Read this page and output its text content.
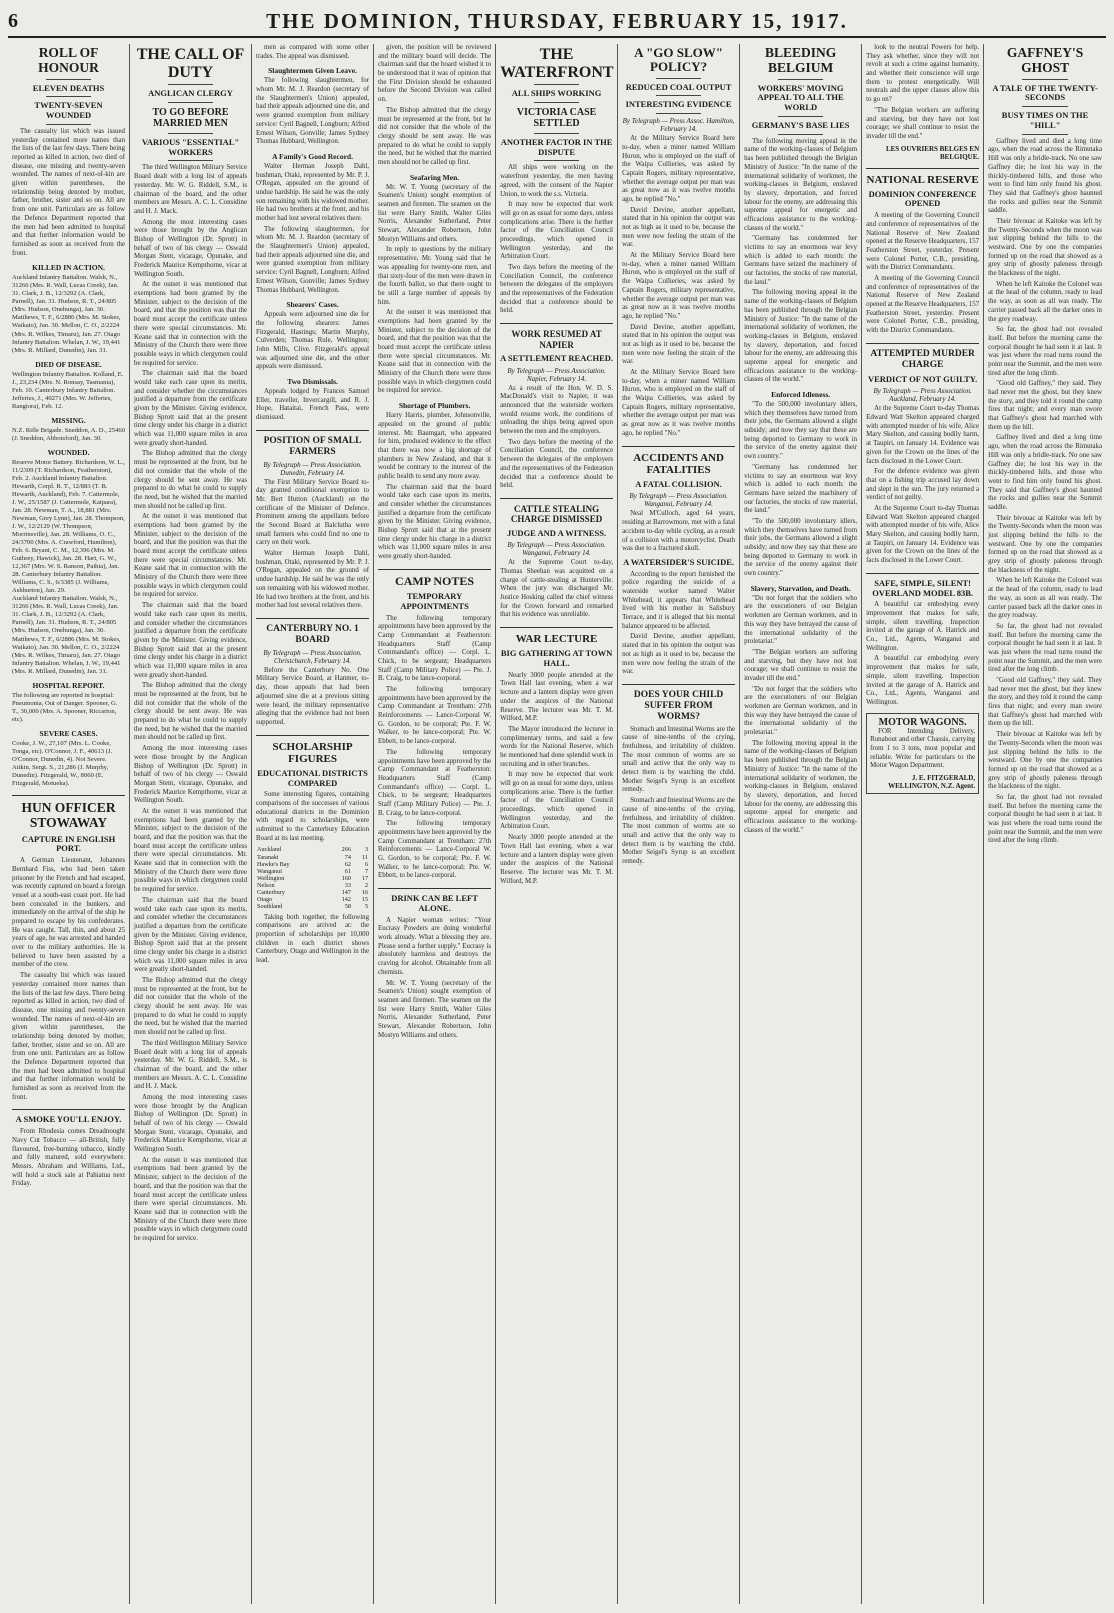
6	THE DOMINION, THURSDAY, FEBRUARY 15, 1917.
ROLL OF HONOUR
ELEVEN DEATHS
TWENTY-SEVEN WOUNDED

The casualty list which was issued yesterday contained more names than the lists of the last few days. There being reported as killed in action, two died of disease, one missing and twenty-seven wounded. The names of next-of-kin are given within parentheses, the relationship being denoted by mother, father, brother, sister and so on. All are from one unit. Particulars are as follow the Defence Department reported that the men had been admitted to hospital and that further information would be furnished as soon as received from the front.

KILLED IN ACTION.

Auckland Infantry Battalion. Walsh, N., 31266 (Mrs. R. Wall, Lucas Creek), Jan. 31. Clark, J. B., 12/3292 (A. Clark, Parnell), Jan. 31. Hudson, R. T., 24/805 (Mrs. Hudson, Onehunga), Jan. 30. Matthews, T. F., 6/2886 (Mrs. M. Stokes, Waikato), Jan. 30. Mellon, C. O., 2/2224 (Mrs. R. Wilkes, Timaru), Jan. 27. Otago Infantry Battalion. Whelan, J. W., 19,441 (Mrs. R. Millard, Dunedin), Jan. 31.

DIED OF DISEASE.

Wellington Infantry Battalion. Kolland, E. J., 23,234 (Mrs. N. Ronsay, Tasmania), Feb. 10. Canterbury Infantry Battalion. Jefferies, J., 40271 (Mrs. W. Jefferies, Rangiora), Feb. 12.

MISSING.

N.Z. Rifle Brigade. Sneddon, A. D., 25460 (J. Sneddon, Abbotsford), Jan. 30.

WOUNDED.

Reserve Motor Battery. Richardson, W. L., 11/2309 (T. Richardson, Featherston), Feb. 2. Auckland Infantry Battalion. Hewarth, Corpl. R. T., 12/883 (T. B. Hewarth, Auckland), Feb. 7. Cattermole, J. W., 25/1587 (J. Cattermole, Kaipara), Jan. 28. Newman, T. A., 18,881 (Mrs. Newman, Grey Lynn), Jan. 28. Thompson, J. W., 12/2129 (W. Thompson, Morrinsville), Jan. 28. Williams, O. C., 24/3700 (Mrs. A. Crawford, Hamilton), Feb. 6. Bryant, C. M., 12,396 (Mrs. M. Guthrey, Hawick), Jan. 28. Hart, G. W., 12,367 (Mrs. W. S. Ranson, Paihia), Jan. 28. Canterbury Infantry Battalion. Williams, C. S., 6/3385 (J. Williams, Ashburton), Jan. 29.

Auckland Infantry Battalion. Walsh, N., 31266 (Mrs. R. Wall, Lucas Creek), Jan. 31. Clark, J. B., 12/3292 (A. Clark, Parnell), Jan. 31. Hudson, R. T., 24/805 (Mrs. Hudson, Onehunga), Jan. 30. Matthews, T. F., 6/2886 (Mrs. M. Stokes, Waikato), Jan. 30. Mellon, C. O., 2/2224 (Mrs. R. Wilkes, Timaru), Jan. 27. Otago Infantry Battalion. Whelan, J. W., 19,441 (Mrs. R. Millard, Dunedin), Jan. 31.

HOSPITAL REPORT.

The following are reported in hospital: Pneumonia, Out of Danger. Spooner, G. T., 30,000 (Mrs. A. Spooner, Riccarton, etc).

SEVERE CASES.

Cooke, J. W., 27,107 (Mrs. L. Cooke, Tonga, etc). O'Connor, J. F., 40613 (J. O'Connor, Dunedin, 4). Not Severe. Aitkin, Sergt. S., 21,286 (J. Murphy, Dunedin). Fitzgerald, W., 8060 (E. Fitzgerald, Motueka).

HUN OFFICER STOWAWAY
CAPTURE IN ENGLISH PORT.

A German Lieutenant, Johannes Bernhard Fiss, who had been taken prisoner by the French and had escaped, was recently captured on board a foreign vessel at a south-east coast port. He had been concealed in the bunkers, and immediately on the arrival of the ship he prepared to escape by his confederates. He was caught. Tall, thin, and about 25 years of age, he was arrested and handed over to the military authorities. He is believed to have been assisted by a member of the crew.

The casualty list which was issued yesterday contained more names than the lists of the last few days. There being reported as killed in action, two died of disease, one missing and twenty-seven wounded. The names of next-of-kin are given within parentheses, the relationship being denoted by mother, father, brother, sister and so on. All are from one unit. Particulars are as follow the Defence Department reported that the men had been admitted to hospital and that further information would be furnished as soon as received from the front.

A SMOKE YOU'LL ENJOY.

From Rhodesia comes Dreadnought Navy Cut Tobacco — all-British, fully flavoured, free-burning tobacco, kindly and fully matured, sold everywhere. Messrs. Abraham and Williams, Ltd., will hold a stock sale at Pahiatua next Friday.

THE CALL OF DUTY
ANGLICAN CLERGY
TO GO BEFORE MARRIED MEN
VARIOUS "ESSENTIAL" WORKERS

The third Wellington Military Service Board dealt with a long list of appeals yesterday. Mr. W. G. Riddell, S.M., is chairman of the board, and the other members are Messrs. A. C. L. Considine and H. J. Mack.

Among the most interesting cases were those brought by the Anglican Bishop of Wellington (Dr. Sprott) in behalf of two of his clergy — Oswald Morgan Stent, vicarage, Opunake, and Frederick Maurice Kempthorne, vicar at Wellington South.

At the outset it was mentioned that exemptions had been granted by the Minister, subject to the decision of the board, and that the position was that the board must accept the certificate unless there were special circumstances. Mr. Keane said that in connection with the Ministry of the Church there were three possible ways in which clergymen could be required for service.

The chairman said that the board would take each case upon its merits, and consider whether the circumstances justified a departure from the certificate given by the Minister. Giving evidence, Bishop Sprott said that at the present time clergy under his charge in a district which was 11,000 square miles in area were greatly short-handed.

The Bishop admitted that the clergy must be represented at the front, but he did not consider that the whole of the clergy should be sent away. He was prepared to do what he could to supply the need, but he wished that the married men should not be called up first.

At the outset it was mentioned that exemptions had been granted by the Minister, subject to the decision of the board, and that the position was that the board must accept the certificate unless there were special circumstances. Mr. Keane said that in connection with the Ministry of the Church there were three possible ways in which clergymen could be required for service.

The chairman said that the board would take each case upon its merits, and consider whether the circumstances justified a departure from the certificate given by the Minister. Giving evidence, Bishop Sprott said that at the present time clergy under his charge in a district which was 11,000 square miles in area were greatly short-handed.

The Bishop admitted that the clergy must be represented at the front, but he did not consider that the whole of the clergy should be sent away. He was prepared to do what he could to supply the need, but he wished that the married men should not be called up first.

Among the most interesting cases were those brought by the Anglican Bishop of Wellington (Dr. Sprott) in behalf of two of his clergy — Oswald Morgan Stent, vicarage, Opunake, and Frederick Maurice Kempthorne, vicar at Wellington South.

At the outset it was mentioned that exemptions had been granted by the Minister, subject to the decision of the board, and that the position was that the board must accept the certificate unless there were special circumstances. Mr. Keane said that in connection with the Ministry of the Church there were three possible ways in which clergymen could be required for service.

The chairman said that the board would take each case upon its merits, and consider whether the circumstances justified a departure from the certificate given by the Minister. Giving evidence, Bishop Sprott said that at the present time clergy under his charge in a district which was 11,000 square miles in area were greatly short-handed.

The Bishop admitted that the clergy must be represented at the front, but he did not consider that the whole of the clergy should be sent away. He was prepared to do what he could to supply the need, but he wished that the married men should not be called up first.

The third Wellington Military Service Board dealt with a long list of appeals yesterday. Mr. W. G. Riddell, S.M., is chairman of the board, and the other members are Messrs. A. C. L. Considine and H. J. Mack.

Among the most interesting cases were those brought by the Anglican Bishop of Wellington (Dr. Sprott) in behalf of two of his clergy — Oswald Morgan Stent, vicarage, Opunake, and Frederick Maurice Kempthorne, vicar at Wellington South.

At the outset it was mentioned that exemptions had been granted by the Minister, subject to the decision of the board, and that the position was that the board must accept the certificate unless there were special circumstances. Mr. Keane said that in connection with the Ministry of the Church there were three possible ways in which clergymen could be required for service.

men as compared with some other trades. The appeal was dismissed.

Slaughtermen Given Leave.

The following slaughtermen, for whom Mr. M. J. Reardon (secretary of the Slaughtermen's Union) appealed, had their appeals adjourned sine die, and were granted exemption from military service: Cyril Bagnell, Longburn; Alfred Ernest Wilson, Gonville; James Sydney Thomas Hubbard, Wellington.

A Family's Good Record.

Walter Herman Joseph Dahl, bushman, Otaki, represented by Mr. P. J. O'Regan, appealed on the ground of undue hardship. He said he was the only son remaining with his widowed mother. He had two brothers at the front, and his mother had lost several relatives there.

The following slaughtermen, for whom Mr. M. J. Reardon (secretary of the Slaughtermen's Union) appealed, had their appeals adjourned sine die, and were granted exemption from military service: Cyril Bagnell, Longburn; Alfred Ernest Wilson, Gonville; James Sydney Thomas Hubbard, Wellington.

Shearers' Cases.

Appeals were adjourned sine die for the following shearers: James Fitzgerald, Hastings; Martin Murphy, Culverden; Thomas Rule, Wellington; John Mills, Clive. Fitzgerald's appeal was adjourned sine die, and the other appeals were dismissed.

Two Dismissals.

Appeals lodged by Frances Samuel Eller, traveller, Invercargill, and R. J. Hope, Hataitai, French Pass, were dismissed.

POSITION OF SMALL FARMERS
By Telegraph — Press Association. Dunedin, February 14.

The First Military Service Board to-day granted conditional exemption to Mr. Bert Hutton (Auckland) on the certificate of the Minister of Defence. Prominent among the appellants before the Second Board at Balclutha were small farmers who could find no one to carry on their work.

Walter Herman Joseph Dahl, bushman, Otaki, represented by Mr. P. J. O'Regan, appealed on the ground of undue hardship. He said he was the only son remaining with his widowed mother. He had two brothers at the front, and his mother had lost several relatives there.

CANTERBURY NO. 1 BOARD
By Telegraph — Press Association. Christchurch, February 14.

Before the Canterbury No. One Military Service Board, at Hanmer, to-day, those appeals that had been adjourned sine die at a previous sitting were heard, the military representative alleging that the evidence had not been supported.

SCHOLARSHIP FIGURES
EDUCATIONAL DISTRICTS COMPARED

Some interesting figures, containing comparisons of the successes of various educational districts in the Dominion with regard to scholarships, were submitted to the Canterbury Education Board at its last meeting.

Auckland	266	3
Taranaki	74	11
Hawke's Bay	62	6
Wanganui	61	7
Wellington	160	17
Nelson	33	2
Canterbury	147	16
Otago	142	15
Southland	58	5

Taking both together, the following comparisons are arrived at: the proportion of scholarships per 10,000 children in each district shows Canterbury, Otago and Wellington in the lead.

given, the position will be reviewed and the military board will decide. The chairman said that the board wished it to be understood that it was of opinion that the First Division should be exhausted before the Second Division was called on.

The Bishop admitted that the clergy must be represented at the front, but he did not consider that the whole of the clergy should be sent away. He was prepared to do what he could to supply the need, but he wished that the married men should not be called up first.

Seafaring Men.

Mr. W. T. Young (secretary of the Seamen's Union) sought exemption of seamen and firemen. The seamen on the list were Harry Smith, Walter Giles Norris, Alexander Sutherland, Peter Stewart, Alexander Robertson, John Mostyn Williams and others.

In reply to questions by the military representative, Mr. Young said that he was appealing for twenty-one men, and that sixty-four of the men were drawn in the fourth ballot, so that there ought to be still a large number of appeals by him.

At the outset it was mentioned that exemptions had been granted by the Minister, subject to the decision of the board, and that the position was that the board must accept the certificate unless there were special circumstances. Mr. Keane said that in connection with the Ministry of the Church there were three possible ways in which clergymen could be required for service.

Shortage of Plumbers.

Harry Harris, plumber, Johnsonville, appealed on the ground of public interest. Mr. Baumgart, who appeared for him, produced evidence to the effect that there was now a big shortage of plumbers in New Zealand, and that it would be contrary to the interest of the public health to send any more away.

The chairman said that the board would take each case upon its merits, and consider whether the circumstances justified a departure from the certificate given by the Minister. Giving evidence, Bishop Sprott said that at the present time clergy under his charge in a district which was 11,000 square miles in area were greatly short-handed.

CAMP NOTES
TEMPORARY APPOINTMENTS

The following temporary appointments have been approved by the Camp Commandant at Featherston: Headquarters Staff (Camp Commandant's office) — Corpl. L. Chick, to be sergeant; Headquarters Staff (Camp Military Police) — Pte. J. B. Craig, to be lance-corporal.

The following temporary appointments have been approved by the Camp Commandant at Trentham: 27th Reinforcements — Lance-Corporal W. G. Gordon, to be corporal; Pte. F. W. Walker, to be lance-corporal; Pte. W. Ebbett, to be lance-corporal.

The following temporary appointments have been approved by the Camp Commandant at Featherston: Headquarters Staff (Camp Commandant's office) — Corpl. L. Chick, to be sergeant; Headquarters Staff (Camp Military Police) — Pte. J. B. Craig, to be lance-corporal.

The following temporary appointments have been approved by the Camp Commandant at Trentham: 27th Reinforcements — Lance-Corporal W. G. Gordon, to be corporal; Pte. F. W. Walker, to be lance-corporal; Pte. W. Ebbett, to be lance-corporal.

DRINK CAN BE LEFT ALONE.

A Napier woman writes: "Your Eucrasy Powders are doing wonderful work already. What a blessing they are. Please send a further supply." Eucrasy is absolutely harmless and destroys the craving for alcohol. Obtainable from all chemists.

Mr. W. T. Young (secretary of the Seamen's Union) sought exemption of seamen and firemen. The seamen on the list were Harry Smith, Walter Giles Norris, Alexander Sutherland, Peter Stewart, Alexander Robertson, John Mostyn Williams and others.

THE WATERFRONT
ALL SHIPS WORKING
VICTORIA CASE SETTLED
ANOTHER FACTOR IN THE DISPUTE

All ships were working on the waterfront yesterday, the men having agreed, with the consent of the Napier Union, to work the s.s. Victoria.

It may now be expected that work will go on as usual for some days, unless complications arise. There is the further factor of the Conciliation Council proceedings, which opened in Wellington yesterday, and the Arbitration Court.

Two days before the meeting of the Conciliation Council, the conference between the delegates of the employers and the representatives of the Federation decided that a conference should be held.

WORK RESUMED AT NAPIER
A SETTLEMENT REACHED.
By Telegraph — Press Association. Napier, February 14.

As a result of the Hon. W. D. S. MacDonald's visit to Napier, it was announced that the waterside workers would resume work, the conditions of unloading the ships being agreed upon between the men and the employers.

Two days before the meeting of the Conciliation Council, the conference between the delegates of the employers and the representatives of the Federation decided that a conference should be held.

CATTLE STEALING CHARGE DISMISSED
JUDGE AND A WITNESS.
By Telegraph — Press Association. Wanganui, February 14.

At the Supreme Court to-day, Thomas Sheehan was acquitted on a charge of cattle-stealing at Hunterville. When the jury was discharged Mr. Justice Hosking called the chief witness for the Crown forward and remarked that his evidence was unreliable.

WAR LECTURE
BIG GATHERING AT TOWN HALL.

Nearly 3000 people attended at the Town Hall last evening, when a war lecture and a lantern display were given under the auspices of the National Reserve. The lecturer was Mr. T. M. Wilford, M.P.

The Mayor introduced the lecturer in complimentary terms, and said a few words for the National Reserve, which he mentioned had done splendid work in recruiting and in other branches.

It may now be expected that work will go on as usual for some days, unless complications arise. There is the further factor of the Conciliation Council proceedings, which opened in Wellington yesterday, and the Arbitration Court.

Nearly 3000 people attended at the Town Hall last evening, when a war lecture and a lantern display were given under the auspices of the National Reserve. The lecturer was Mr. T. M. Wilford, M.P.

A "GO SLOW" POLICY?
REDUCED COAL OUTPUT
INTERESTING EVIDENCE
By Telegraph — Press Assoc. Hamilton, February 14.

At the Military Service Board here to-day, when a miner named William Huron, who is employed on the staff of the Waipa Collieries, was asked by Captain Rogers, military representative, whether the average output per man was as great now as it was twelve months ago, he replied "No."

David Devine, another appellant, stated that in his opinion the output was not as high as it used to be, because the men were now feeling the strain of the war.

At the Military Service Board here to-day, when a miner named William Huron, who is employed on the staff of the Waipa Collieries, was asked by Captain Rogers, military representative, whether the average output per man was as great now as it was twelve months ago, he replied "No."

David Devine, another appellant, stated that in his opinion the output was not as high as it used to be, because the men were now feeling the strain of the war.

At the Military Service Board here to-day, when a miner named William Huron, who is employed on the staff of the Waipa Collieries, was asked by Captain Rogers, military representative, whether the average output per man was as great now as it was twelve months ago, he replied "No."

ACCIDENTS AND FATALITIES
A FATAL COLLISION.
By Telegraph — Press Association. Wanganui, February 14.

Neal M'Culloch, aged 64 years, residing at Barrowmore, met with a fatal accident to-day while cycling, as a result of a collision with a motorcyclist. Death was due to a fractured skull.

A WATERSIDER'S SUICIDE.

According to the report furnished the police regarding the suicide of a waterside worker named Walter Whitehead, it appears that Whitehead lived with his mother in Salisbury Terrace, and it is alleged that his mental balance appeared to be affected.

David Devine, another appellant, stated that in his opinion the output was not as high as it used to be, because the men were now feeling the strain of the war.

DOES YOUR CHILD SUFFER FROM WORMS?

Stomach and Intestinal Worms are the cause of nine-tenths of the crying, fretfulness, and irritability of children. The most common of worms are so small and active that the only way to detect them is by watching the child. Mother Seigel's Syrup is an excellent remedy.

Stomach and Intestinal Worms are the cause of nine-tenths of the crying, fretfulness, and irritability of children. The most common of worms are so small and active that the only way to detect them is by watching the child. Mother Seigel's Syrup is an excellent remedy.

BLEEDING BELGIUM
WORKERS' MOVING APPEAL TO ALL THE WORLD
GERMANY'S BASE LIES

The following moving appeal in the name of the working-classes of Belgium has been published through the Belgian Ministry of Justice: "In the name of the international solidarity of workmen, the working-classes in Belgium, enslaved by slavery, deportation, and forced labour for the enemy, are addressing this supreme appeal for energetic and efficacious assistance to the working-classes of the world."

"Germany has condemned her victims to say an enormous war levy which is added to each month: the Germans have seized the machinery of our factories, the stocks of raw material, the land."

The following moving appeal in the name of the working-classes of Belgium has been published through the Belgian Ministry of Justice: "In the name of the international solidarity of workmen, the working-classes in Belgium, enslaved by slavery, deportation, and forced labour for the enemy, are addressing this supreme appeal for energetic and efficacious assistance to the working-classes of the world."

Enforced Idleness.

"To the 500,000 involuntary idlers, which they themselves have turned from their jobs, the Germans allowed a slight subsidy; and now they say that these are being deported to Germany to work in the service of the enemy against their own country."

"Germany has condemned her victims to say an enormous war levy which is added to each month: the Germans have seized the machinery of our factories, the stocks of raw material, the land."

"To the 500,000 involuntary idlers, which they themselves have turned from their jobs, the Germans allowed a slight subsidy; and now they say that these are being deported to Germany to work in the service of the enemy against their own country."

Slavery, Starvation, and Death.

"Do not forget that the soldiers who are the executioners of our Belgian workmen are German workmen, and in this way they have betrayed the cause of the international solidarity of the proletariat."

"The Belgian workers are suffering and starving, but they have not lost courage; we shall continue to resist the invader till the end."

"Do not forget that the soldiers who are the executioners of our Belgian workmen are German workmen, and in this way they have betrayed the cause of the international solidarity of the proletariat."

The following moving appeal in the name of the working-classes of Belgium has been published through the Belgian Ministry of Justice: "In the name of the international solidarity of workmen, the working-classes in Belgium, enslaved by slavery, deportation, and forced labour for the enemy, are addressing this supreme appeal for energetic and efficacious assistance to the working-classes of the world."

look to the neutral Powers for help. They ask whether, since they will not revolt at such a crime against humanity, and whether their conscience will urge them to protest energetically. Will neutrals and the upper classes allow this to go on?

"The Belgian workers are suffering and starving, but they have not lost courage; we shall continue to resist the invader till the end."

LES OUVRIERS BELGES EN BELGIQUE.
NATIONAL RESERVE
DOMINION CONFERENCE OPENED

A meeting of the Governing Council and conference of representatives of the National Reserve of New Zealand opened at the Reserve Headquarters, 157 Featherston Street, yesterday. Present were Colonel Porter, C.B., presiding, with the District Commandants.

A meeting of the Governing Council and conference of representatives of the National Reserve of New Zealand opened at the Reserve Headquarters, 157 Featherston Street, yesterday. Present were Colonel Porter, C.B., presiding, with the District Commandants.

ATTEMPTED MURDER CHARGE
VERDICT OF NOT GUILTY.
By Telegraph — Press Association. Auckland, February 14.

At the Supreme Court to-day Thomas Edward Watt Skelton appeared charged with attempted murder of his wife, Alice Mary Skelton, and causing bodily harm, at Taupiri, on January 14. Evidence was given for the Crown on the lines of the facts disclosed in the Lower Court.

For the defence evidence was given that on a fishing trip accused lay down and slept in the sun. The jury returned a verdict of not guilty.

At the Supreme Court to-day Thomas Edward Watt Skelton appeared charged with attempted murder of his wife, Alice Mary Skelton, and causing bodily harm, at Taupiri, on January 14. Evidence was given for the Crown on the lines of the facts disclosed in the Lower Court.

SAFE, SIMPLE, SILENT! OVERLAND MODEL 83B.

A beautiful car embodying every improvement that makes for safe, simple, silent travelling. Inspection invited at the garage of A. Hatrick and Co., Ltd., Agents, Wanganui and Wellington.

A beautiful car embodying every improvement that makes for safe, simple, silent travelling. Inspection invited at the garage of A. Hatrick and Co., Ltd., Agents, Wanganui and Wellington.

MOTOR WAGONS.

FOR Intending Delivery, Runabout and other Chassis, carrying from 1 to 3 tons, most popular and reliable. Write for particulars to the Motor Wagon Department.

J. E. FITZGERALD, WELLINGTON, N.Z. Agent.
GAFFNEY'S GHOST
A TALE OF THE TWENTY-SECONDS
BUSY TIMES ON THE "HILL"

Gaffney lived and died a long time ago, when the road across the Rimutaka Hill was only a bridle-track. No one saw Gaffney die; he lost his way in the thickly-timbered hills, and those who went to find him only found his ghost. They said that Gaffney's ghost haunted the rocks and gullies near the Summit saddle.

Their bivouac at Kaitoke was left by the Twenty-Seconds when the moon was just slipping behind the hills to the westward. One by one the companies formed up on the road that showed as a grey strip of ghostly paleness through the blackness of the night.

When he left Kaitoke the Colonel was at the head of the column, ready to lead the way, as soon as all was ready. The carrier passed back all the darker ones in the grey roadway.

So far, the ghost had not revealed itself. But before the morning came the corporal thought he had seen it at last. It was just where the road turns round the point near the Summit, and the men were tired after the long climb.

"Good old Gaffney," they said. They had never met the ghost, but they knew the story, and they told it round the camp fires that night; and every man swore that Gaffney's ghost had marched with them up the hill.

Gaffney lived and died a long time ago, when the road across the Rimutaka Hill was only a bridle-track. No one saw Gaffney die; he lost his way in the thickly-timbered hills, and those who went to find him only found his ghost. They said that Gaffney's ghost haunted the rocks and gullies near the Summit saddle.

Their bivouac at Kaitoke was left by the Twenty-Seconds when the moon was just slipping behind the hills to the westward. One by one the companies formed up on the road that showed as a grey strip of ghostly paleness through the blackness of the night.

When he left Kaitoke the Colonel was at the head of the column, ready to lead the way, as soon as all was ready. The carrier passed back all the darker ones in the grey roadway.

So far, the ghost had not revealed itself. But before the morning came the corporal thought he had seen it at last. It was just where the road turns round the point near the Summit, and the men were tired after the long climb.

"Good old Gaffney," they said. They had never met the ghost, but they knew the story, and they told it round the camp fires that night; and every man swore that Gaffney's ghost had marched with them up the hill.

Their bivouac at Kaitoke was left by the Twenty-Seconds when the moon was just slipping behind the hills to the westward. One by one the companies formed up on the road that showed as a grey strip of ghostly paleness through the blackness of the night.

So far, the ghost had not revealed itself. But before the morning came the corporal thought he had seen it at last. It was just where the road turns round the point near the Summit, and the men were tired after the long climb.
